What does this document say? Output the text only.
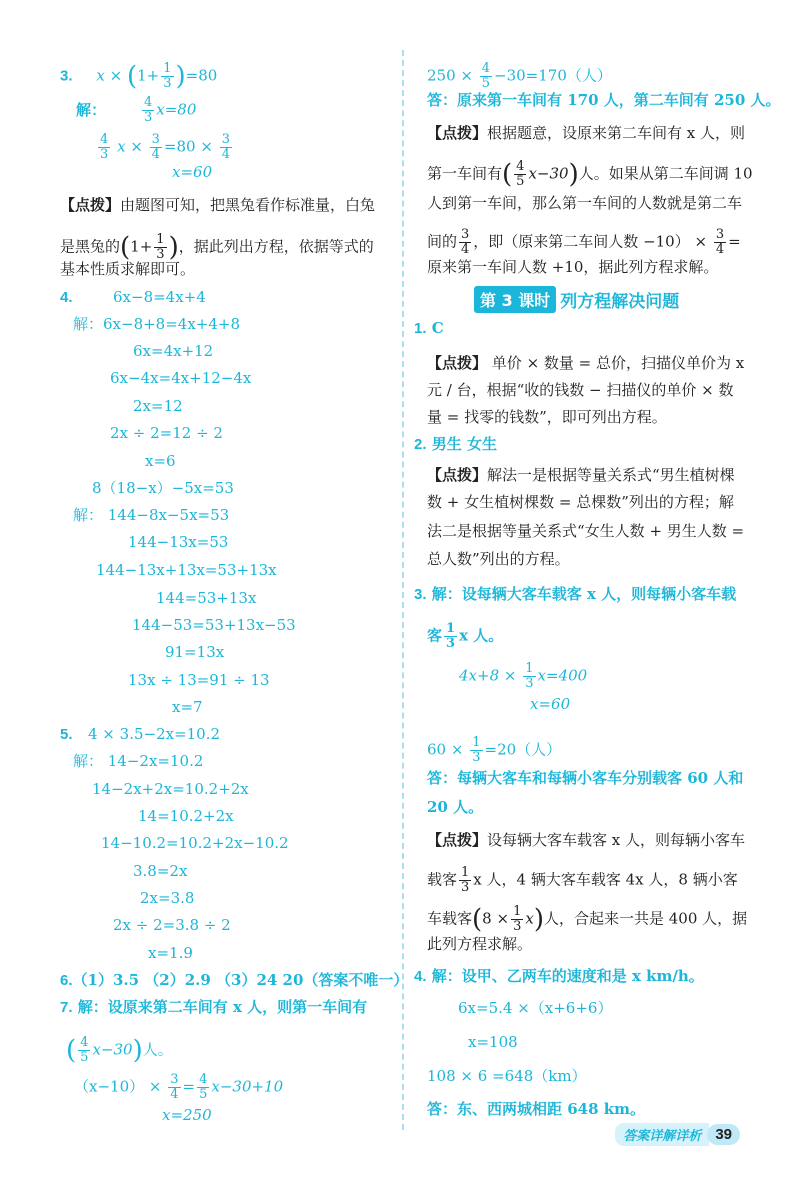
3. $x \times (1+ \frac{1}{3} )=80$
解：	$\frac{4}{3} x=80$
$\frac{4}{3}$ $x \times \frac{3}{4} =80 \times \frac{3}{4}$
x=60
【点拨】由题图可知，把黑兔看作标准量，白兔
是黑兔的($1+ \frac{1}{3}$ )，据此列出方程，依据等式的
基本性质求解即可。
4.	6x−8=4x+4
解：6x−8+8=4x+4+8
6x=4x+12
6x−4x=4x+12−4x
2x=12
2x ÷ 2=12 ÷ 2
x=6
8（18−x）−5x=53
解： 144−8x−5x=53
144−13x=53
144−13x+13x=53+13x
144=53+13x
144−53=53+13x−53
91=13x
13x ÷ 13=91 ÷ 13
x=7
5. 4 × 3.5−2x=10.2
解： 14−2x=10.2
14−2x+2x=10.2+2x
14=10.2+2x
14−10.2=10.2+2x−10.2
3.8=2x
2x=3.8
2x ÷ 2=3.8 ÷ 2
x=1.9
6.（1）3.5 （2）2.9 （3）24 20（答案不唯一）
7. 解：设原来第二车间有 x 人，则第一车间有
( $\frac{4}{5} x-30$)人。
$(x-10) \times \frac{3}{4} = \frac{4}{5} x-30+10$
x=250
$250 \times \frac{4}{5} -30=170$（人）
答：原来第一车间有 170 人，第二车间有 250 人。
【点拨】根据题意，设原来第二车间有 x 人，则
第一车间有( $\frac{4}{5} x-30$)人。如果从第二车间调 10
人到第一车间，那么第一车间的人数就是第二车
间的 $\frac{3}{4}$ ，即（原来第二车间人数 $-10) \times \frac{3}{4}$ =
原来第一车间人数 +10，据此列方程求解。
第 3 课时 列方程解决问题
1. C
【点拨】 单价 × 数量 = 总价，扫描仪单价为 x
元 / 台，根据“收的钱数 − 扫描仪的单价 × 数
量 = 找零的钱数”，即可列出方程。
2. 男生 女生
【点拨】解法一是根据等量关系式“男生植树棵
数 + 女生植树棵数 = 总棵数”列出的方程；解
法二是根据等量关系式“女生人数 + 男生人数 =
总人数”列出的方程。
3. 解：设每辆大客车载客 x 人，则每辆小客车载
客 $\frac{1}{3}$ x 人。
$4x+8 \times \frac{1}{3} x=400$
x=60
$60 \times \frac{1}{3} =20$（人）
答：每辆大客车和每辆小客车分别载客 60 人和
20 人。
【点拨】设每辆大客车载客 x 人，则每辆小客车
载客 $\frac{1}{3}$ x 人，4 辆大客车载客 4x 人，8 辆小客
车载客$(8 \times \frac{1}{3} x)$人，合起来一共是 400 人，据
此列方程求解。
4. 解：设甲、乙两车的速度和是 x km/h。
6x=5.4 ×（x+6+6）
x=108
108 × 6 =648（km）
答：东、西两城相距 648 km。
答案详解详析 39
